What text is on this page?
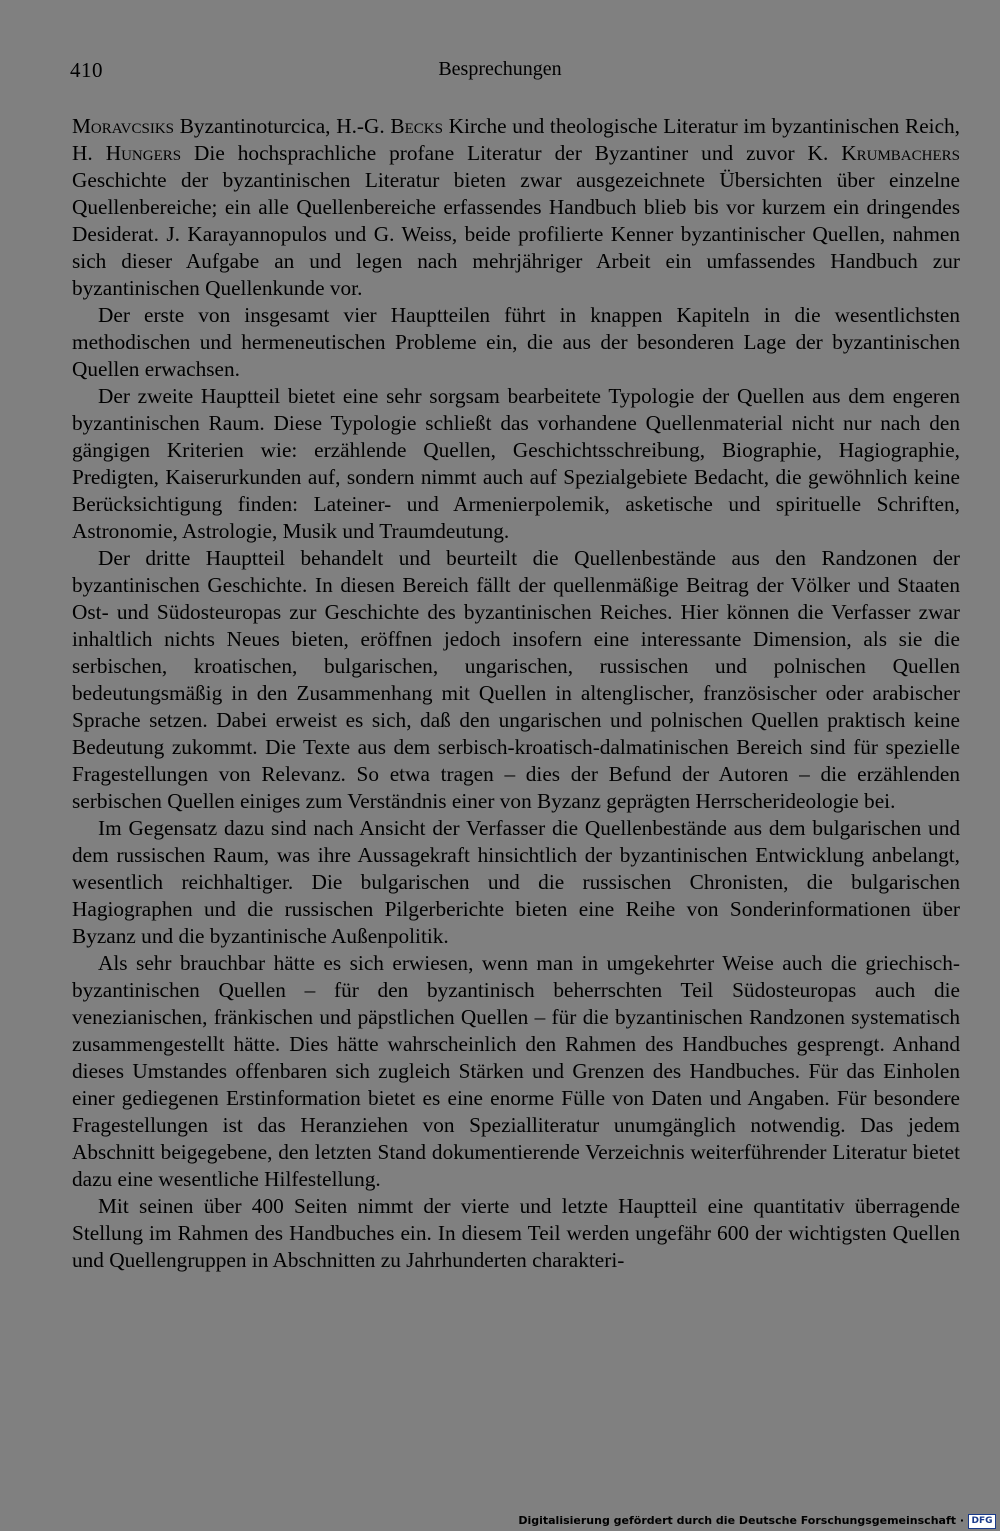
410	Besprechungen

Moravcsiks Byzantinoturcica, H.-G. Becks Kirche und theologische Literatur im byzantinischen Reich, H. Hungers Die hochsprachliche profane Literatur der Byzantiner und zuvor K. Krumbachers Geschichte der byzantinischen Literatur bieten zwar ausgezeichnete Übersichten über einzelne Quellenbereiche; ein alle Quellenbereiche erfassendes Handbuch blieb bis vor kurzem ein dringendes Desiderat. J. Karayannopulos und G. Weiss, beide profilierte Kenner byzantinischer Quellen, nahmen sich dieser Aufgabe an und legen nach mehrjähriger Arbeit ein umfassendes Handbuch zur byzantinischen Quellenkunde vor.

Der erste von insgesamt vier Hauptteilen führt in knappen Kapiteln in die wesentlichsten methodischen und hermeneutischen Probleme ein, die aus der besonderen Lage der byzantinischen Quellen erwachsen.

Der zweite Hauptteil bietet eine sehr sorgsam bearbeitete Typologie der Quellen aus dem engeren byzantinischen Raum. Diese Typologie schließt das vorhandene Quellenmaterial nicht nur nach den gängigen Kriterien wie: erzählende Quellen, Geschichtsschreibung, Biographie, Hagiographie, Predigten, Kaiserurkunden auf, sondern nimmt auch auf Spezialgebiete Bedacht, die gewöhnlich keine Berücksichtigung finden: Lateiner- und Armenierpolemik, asketische und spirituelle Schriften, Astronomie, Astrologie, Musik und Traumdeutung.

Der dritte Hauptteil behandelt und beurteilt die Quellenbestände aus den Randzonen der byzantinischen Geschichte. In diesen Bereich fällt der quellenmäßige Beitrag der Völker und Staaten Ost- und Südosteuropas zur Geschichte des byzantinischen Reiches. Hier können die Verfasser zwar inhaltlich nichts Neues bieten, eröffnen jedoch insofern eine interessante Dimension, als sie die serbischen, kroatischen, bulgarischen, ungarischen, russischen und polnischen Quellen bedeutungsmäßig in den Zusammenhang mit Quellen in altenglischer, französischer oder arabischer Sprache setzen. Dabei erweist es sich, daß den ungarischen und polnischen Quellen praktisch keine Bedeutung zukommt. Die Texte aus dem serbisch-kroatisch-dalmatinischen Bereich sind für spezielle Fragestellungen von Relevanz. So etwa tragen – dies der Befund der Autoren – die erzählenden serbischen Quellen einiges zum Verständnis einer von Byzanz geprägten Herrscherideologie bei.

Im Gegensatz dazu sind nach Ansicht der Verfasser die Quellenbestände aus dem bulgarischen und dem russischen Raum, was ihre Aussagekraft hinsichtlich der byzantinischen Entwicklung anbelangt, wesentlich reichhaltiger. Die bulgarischen und die russischen Chronisten, die bulgarischen Hagiographen und die russischen Pilgerberichte bieten eine Reihe von Sonderinformationen über Byzanz und die byzantinische Außenpolitik.

Als sehr brauchbar hätte es sich erwiesen, wenn man in umgekehrter Weise auch die griechisch-byzantinischen Quellen – für den byzantinisch beherrschten Teil Südosteuropas auch die venezianischen, fränkischen und päpstlichen Quellen – für die byzantinischen Randzonen systematisch zusammengestellt hätte. Dies hätte wahrscheinlich den Rahmen des Handbuches gesprengt. Anhand dieses Umstandes offenbaren sich zugleich Stärken und Grenzen des Handbuches. Für das Einholen einer gediegenen Erstinformation bietet es eine enorme Fülle von Daten und Angaben. Für besondere Fragestellungen ist das Heranziehen von Spezialliteratur unumgänglich notwendig. Das jedem Abschnitt beigegebene, den letzten Stand dokumentierende Verzeichnis weiterführender Literatur bietet dazu eine wesentliche Hilfestellung.

Mit seinen über 400 Seiten nimmt der vierte und letzte Hauptteil eine quantitativ überragende Stellung im Rahmen des Handbuches ein. In diesem Teil werden ungefähr 600 der wichtigsten Quellen und Quellengruppen in Abschnitten zu Jahrhunderten charakteri-

Digitalisierung gefördert durch die Deutsche Forschungsgemeinschaft · DFG
